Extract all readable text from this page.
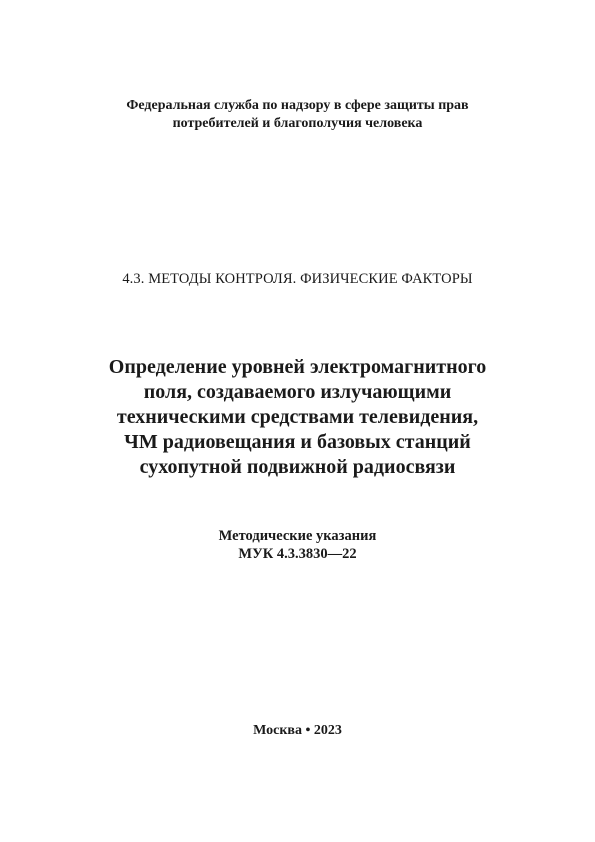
Федеральная служба по надзору в сфере защиты прав
потребителей и благополучия человека
4.3. МЕТОДЫ КОНТРОЛЯ. ФИЗИЧЕСКИЕ ФАКТОРЫ
Определение уровней электромагнитного
поля, создаваемого излучающими
техническими средствами телевидения,
ЧМ радиовещания и базовых станций
сухопутной подвижной радиосвязи
Методические указания
МУК 4.3.3830—22
Москва • 2023
